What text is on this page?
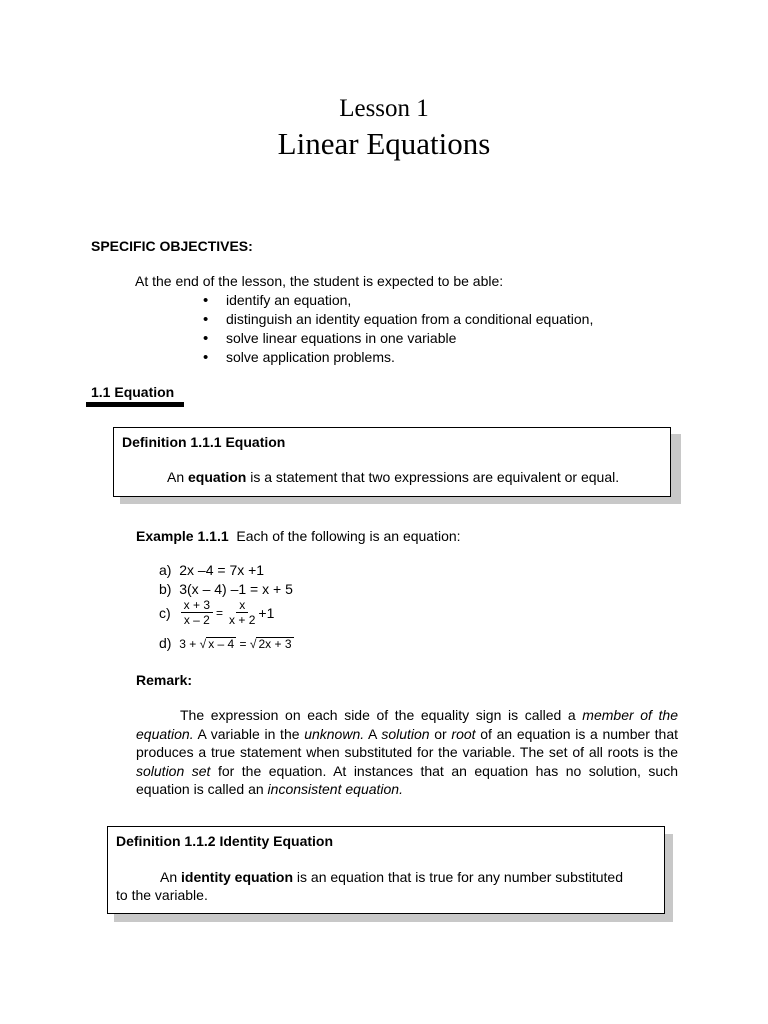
Lesson 1
Linear Equations
SPECIFIC OBJECTIVES:
At the end of the lesson, the student is expected to be able:
• identify an equation,
• distinguish an identity equation from a conditional equation,
• solve linear equations in one variable
• solve application problems.
1.1 Equation
Definition 1.1.1 Equation
An equation is a statement that two expressions are equivalent or equal.
Example 1.1.1  Each of the following is an equation:
a) 2x –4 = 7x +1
b) 3(x – 4) –1 = x + 5
$c) \frac{x + 3}{x - 2} = \frac{x}{x + 2} +1$
d) 3 + √ x – 4 = √ 2x + 3
Remark:
The expression on each side of the equality sign is called a member of the equation. A variable in the unknown. A solution or root of an equation is a number that produces a true statement when substituted for the variable. The set of all roots is the solution set for the equation. At instances that an equation has no solution, such equation is called an inconsistent equation.
Definition 1.1.2 Identity Equation
An identity equation is an equation that is true for any number substituted to the variable.
